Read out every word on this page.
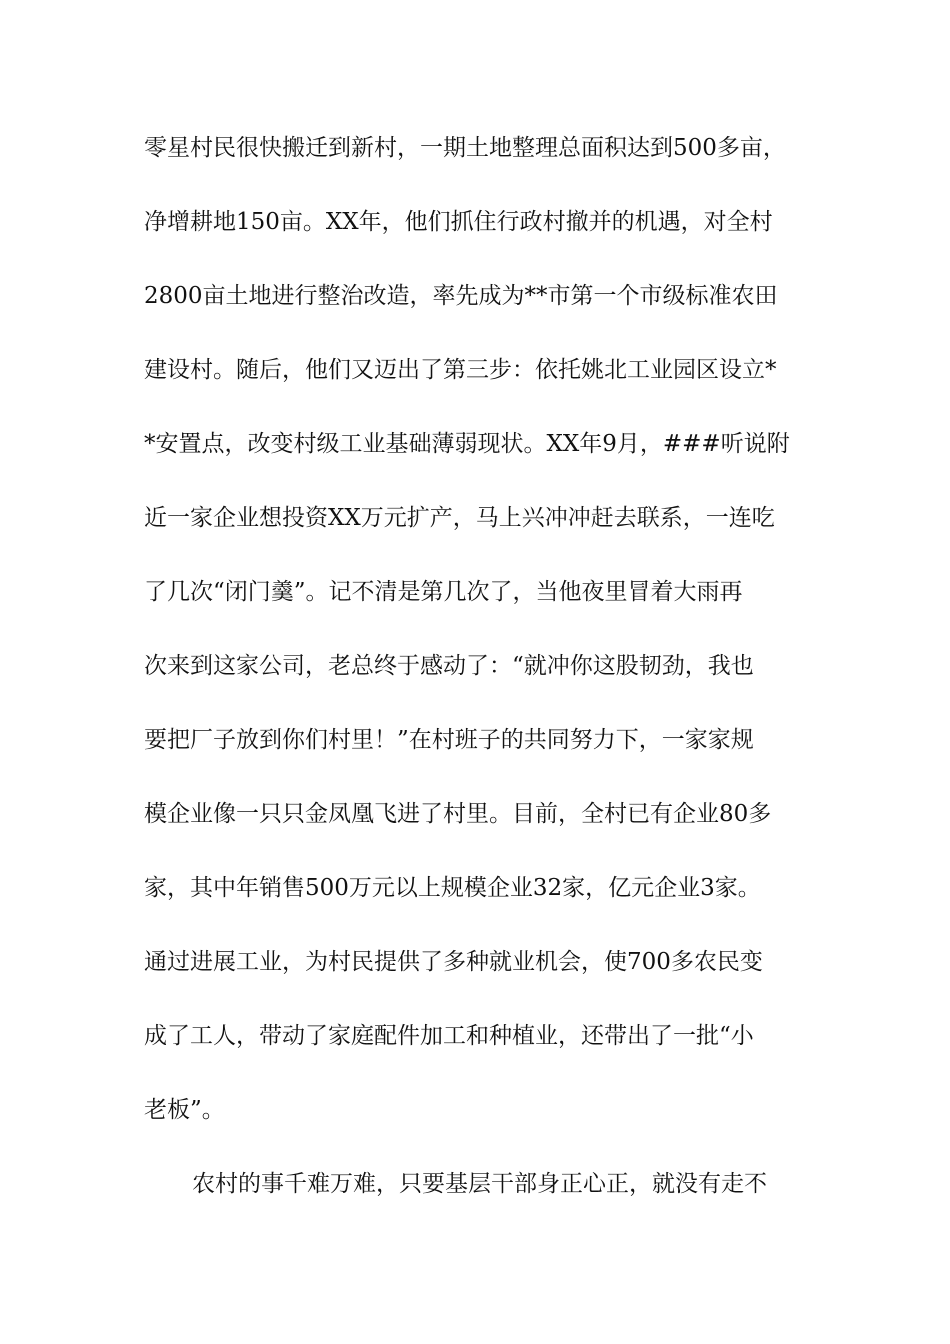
零星村民很快搬迁到新村，一期土地整理总面积达到500多亩，
净增耕地150亩。XX年，他们抓住行政村撤并的机遇，对全村
2800亩土地进行整治改造，率先成为**市第一个市级标准农田
建设村。随后，他们又迈出了第三步：依托姚北工业园区设立*
*安置点，改变村级工业基础薄弱现状。XX年9月，###听说附
近一家企业想投资XX万元扩产，马上兴冲冲赶去联系，一连吃
了几次“闭门羹”。记不清是第几次了，当他夜里冒着大雨再
次来到这家公司，老总终于感动了：“就冲你这股韧劲，我也
要把厂子放到你们村里！”在村班子的共同努力下，一家家规
模企业像一只只金凤凰飞进了村里。目前，全村已有企业80多
家，其中年销售500万元以上规模企业32家，亿元企业3家。
通过进展工业，为村民提供了多种就业机会，使700多农民变
成了工人，带动了家庭配件加工和种植业，还带出了一批“小
老板”。
农村的事千难万难，只要基层干部身正心正，就没有走不
